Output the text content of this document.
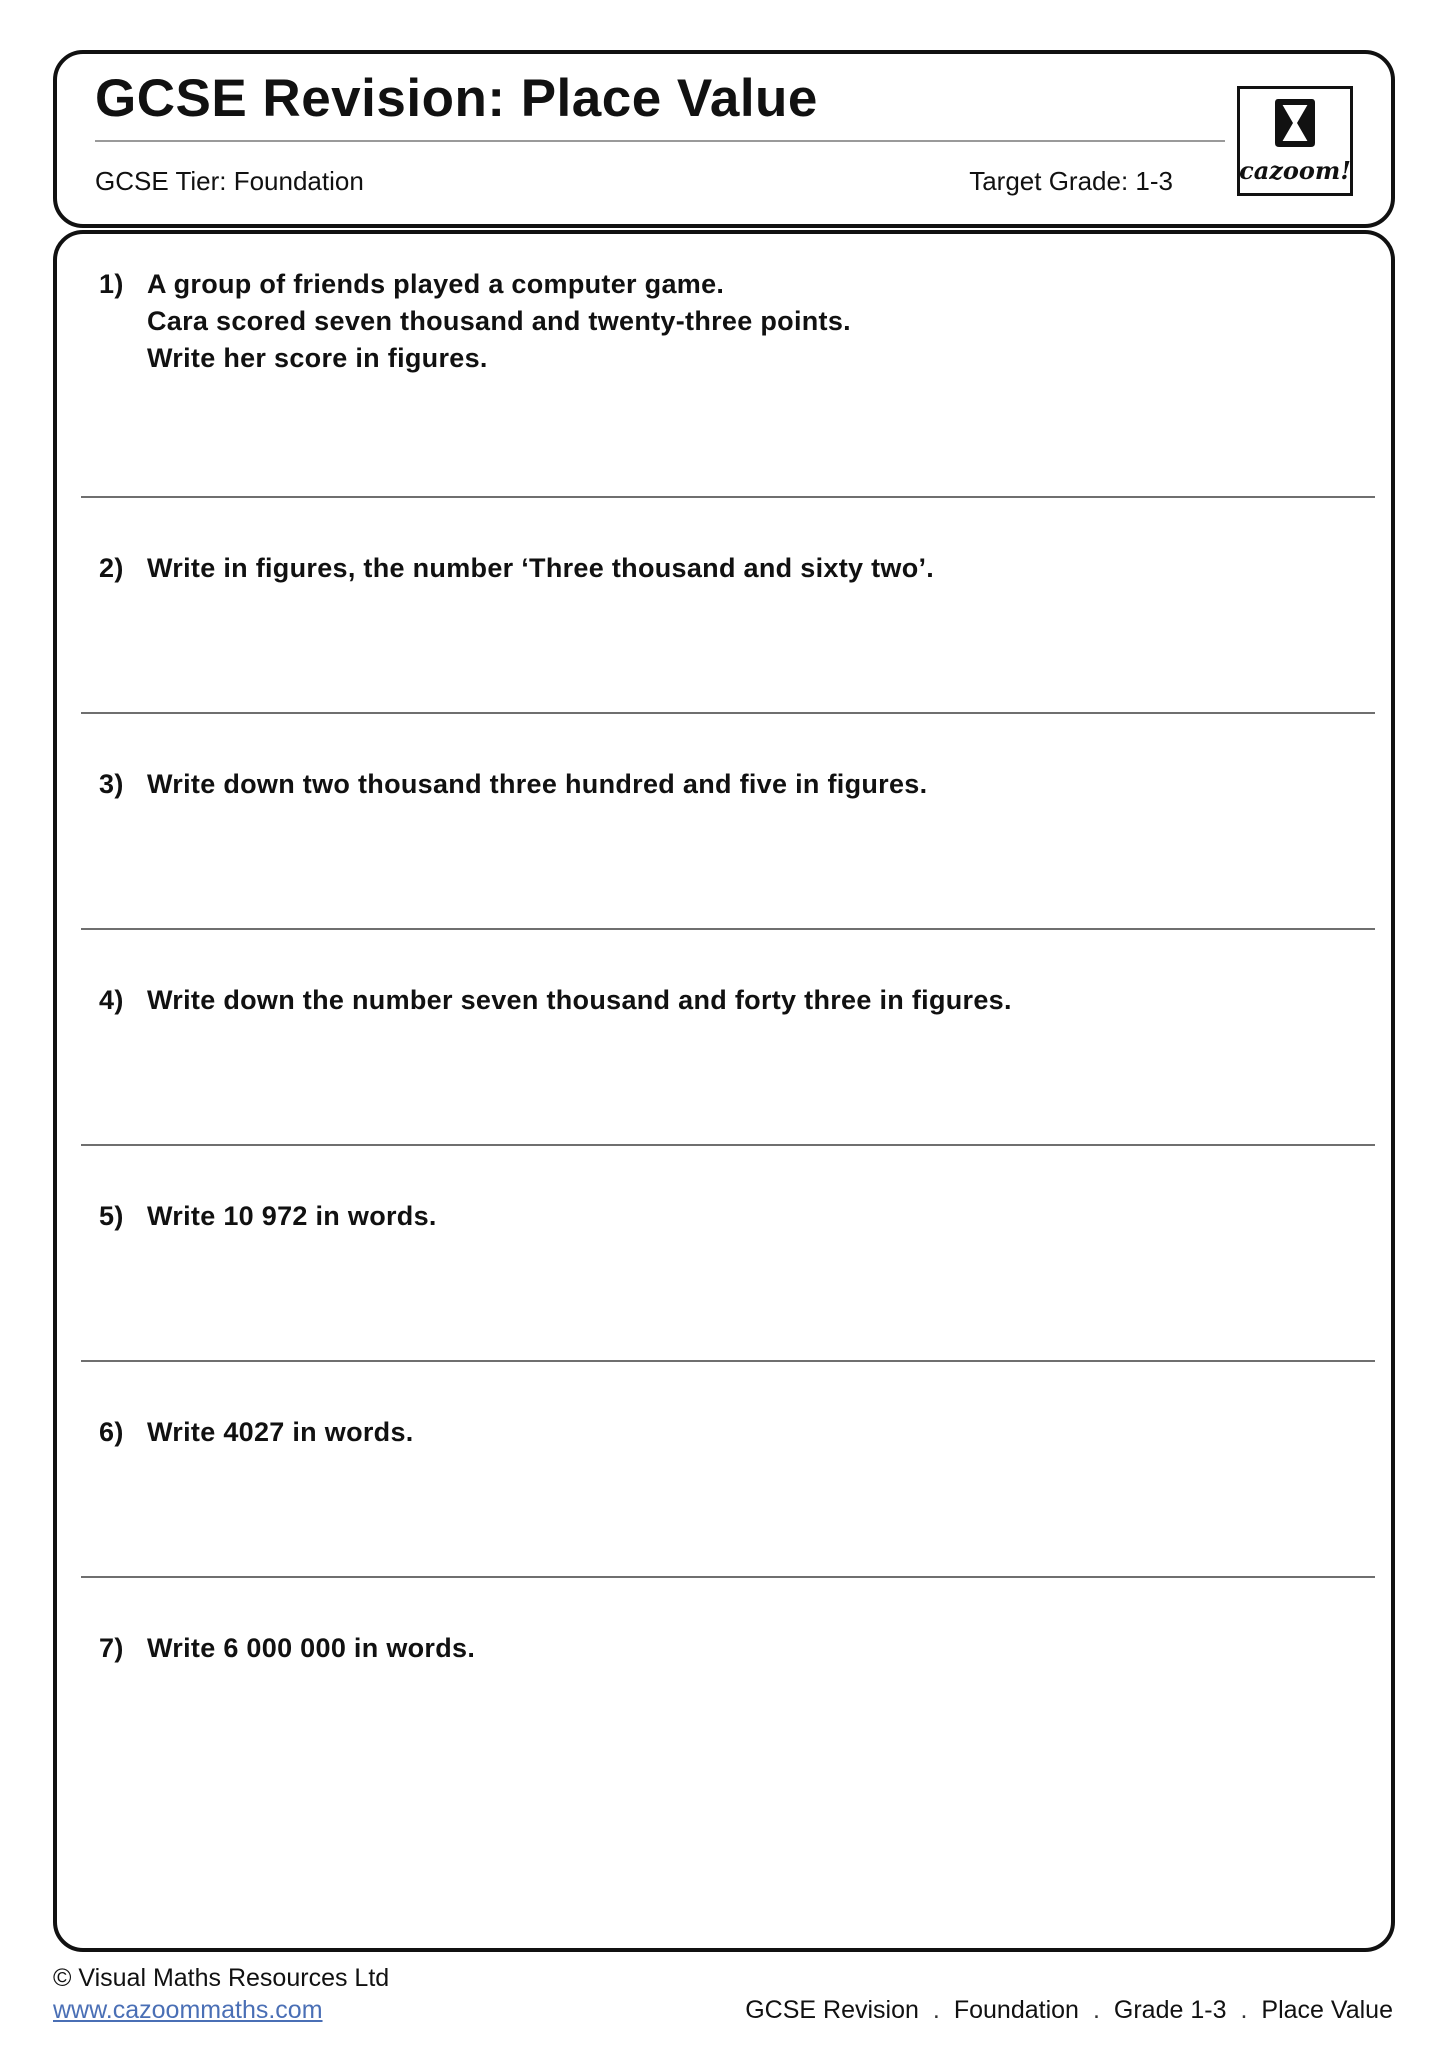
GCSE Revision: Place Value
GCSE Tier: Foundation	Target Grade: 1-3	cazoom!
1) A group of friends played a computer game.
Cara scored seven thousand and twenty-three points.
Write her score in figures.
2) Write in figures, the number ‘Three thousand and sixty two’.
3) Write down two thousand three hundred and five in figures.
4) Write down the number seven thousand and forty three in figures.
5) Write 10 972 in words.
6) Write 4027 in words.
7) Write 6 000 000 in words.
© Visual Maths Resources Ltd
www.cazoommaths.com	GCSE Revision . Foundation . Grade 1-3 . Place Value
